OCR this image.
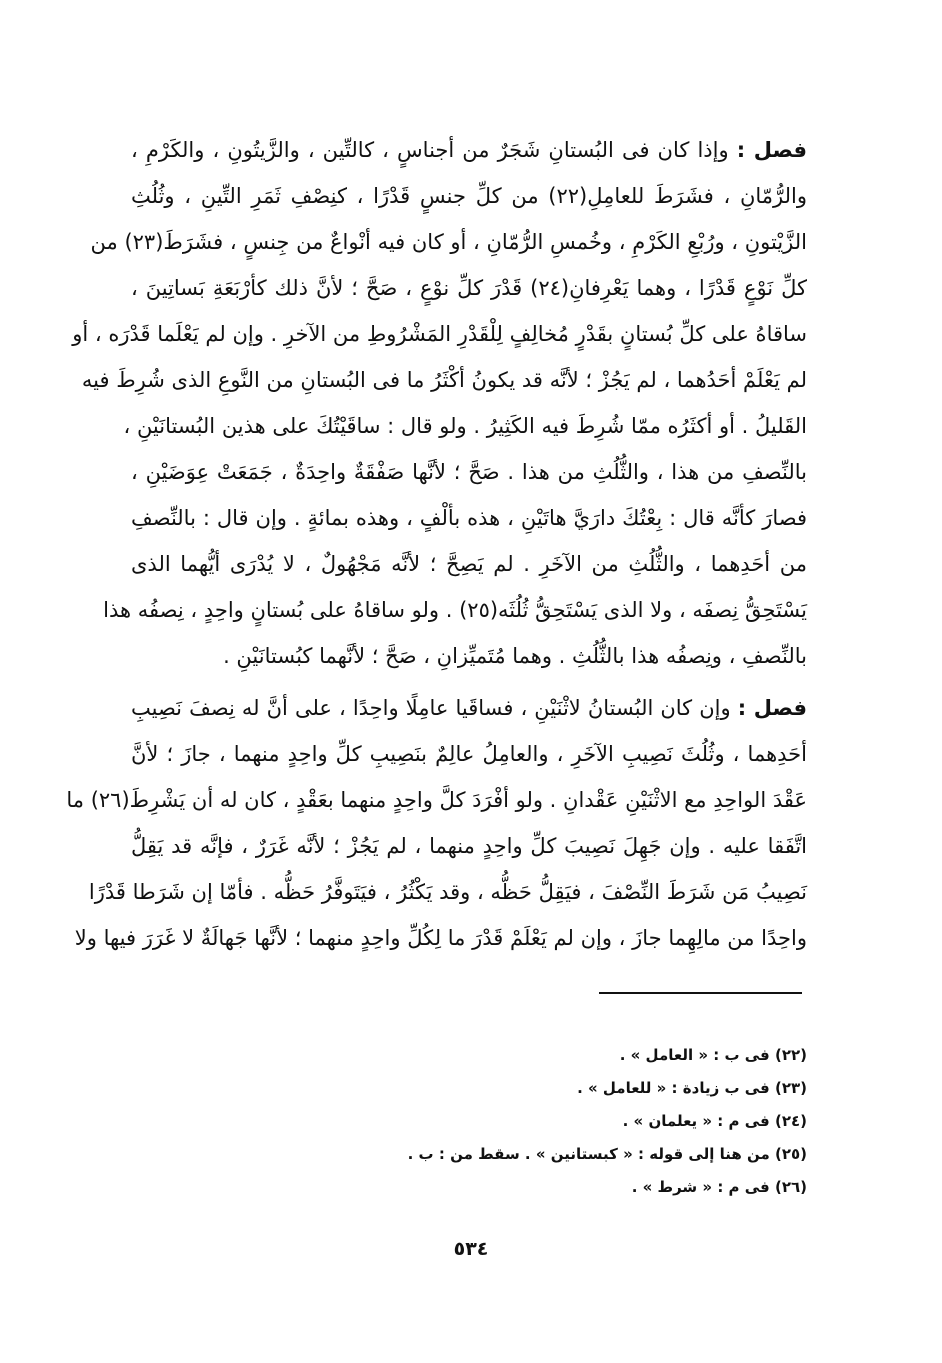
فصل : وإذا كان فى البُستانِ شَجَرٌ من أجناسٍ ، كالتِّين ، والزَّيتُونِ ، والكَرْمِ ،
والرُّمّانِ ، فشَرَطَ للعامِلِ(٢٢) من كلِّ جنسٍ قَدْرًا ، كنِصْفِ ثَمَرِ التِّينِ ، وثُلُثِ
الزَّيْتونِ ، ورُبْعِ الكَرْمِ ، وخُمسِ الرُّمّانِ ، أو كان فيه أنْواعٌ من جِنسٍ ، فشَرَطَ(٢٣) من
كلِّ نَوْعٍ قَدْرًا ، وهما يَعْرِفانِ(٢٤) قَدْرَ كلِّ نوْعٍ ، صَحَّ ؛ لأنَّ ذلك كأرْبَعَةِ بَساتِينَ ،
ساقاهُ على كلِّ بُستانٍ بقَدْرٍ مُخالِفٍ لِلْقَدْرِ المَشْرُوطِ من الآخرِ . وإن لم يَعْلَما قَدْرَه ، أو
لم يَعْلَمْ أحَدُهما ، لم يَجُزْ ؛ لأنَّه قد يكونُ أكْثَرُ ما فى البُستانِ من النَّوعِ الذى شُرِطَ فيه
القَليلُ . أو أكثَرُه ممّا شُرِطَ فيه الكَثِيرُ . ولو قال : ساقَيْتُكَ على هذين البُستانَيْنِ ،
بالنِّصفِ من هذا ، والثُّلُثِ من هذا . صَحَّ ؛ لأنَّها صَفْقَةٌ واحِدَةٌ ، جَمَعَتْ عِوَضَيْنِ ،
فصارَ كأنَّه قال : بِعْتُكَ دارَيَّ هاتَيْنِ ، هذه بألْفٍ ، وهذه بمائةٍ . وإن قال : بالنِّصفِ
من أحَدِهما ، والثُّلُثِ من الآخَرِ . لم يَصِحَّ ؛ لأنَّه مَجْهُولٌ ، لا يُدْرَى أيُّهما الذى
يَسْتَحِقُّ نِصفَه ، ولا الذى يَسْتَحِقُّ ثُلُثَه(٢٥) . ولو ساقاهُ على بُستانٍ واحِدٍ ، نِصفُه هذا
بالنِّصفِ ، ونِصفُه هذا بالثُّلُثِ . وهما مُتَميِّزانِ ، صَحَّ ؛ لأنَّهما كبُستانَيْنِ .
فصل : وإن كان البُستانُ لاثْنَيْنِ ، فساقَيا عامِلًا واحِدًا ، على أنَّ له نِصفَ نَصِيبِ
أحَدِهما ، وثُلُثَ نَصِيبِ الآخَرِ ، والعامِلُ عالِمٌ بنَصِيبِ كلِّ واحِدٍ منهما ، جازَ ؛ لأنَّ
عَقْدَ الواحِدِ مع الاثْنَيْنِ عَقْدانِ . ولو أفْرَدَ كلَّ واحِدٍ منهما بعَقْدٍ ، كان له أن يَشْرِطَ(٢٦) ما
اتَّفَقا عليه . وإن جَهِلَ نَصِيبَ كلِّ واحِدٍ منهما ، لم يَجُزْ ؛ لأنَّه غَرَرٌ ، فإنَّه قد يَقِلُّ
نَصِيبُ مَن شَرَطَ النِّصْفَ ، فيَقِلُّ حَظُّه ، وقد يَكْثُرُ ، فيَتَوفَّرُ حَظُّه . فأمّا إن شَرَطا قَدْرًا
واحِدًا من مالِهِما جازَ ، وإن لم يَعْلَمْ قَدْرَ ما لِكُلِّ واحِدٍ منهما ؛ لأنَّها جَهالَةٌ لا غَرَرَ فيها ولا
(٢٢) فى ب : « العامل » .
(٢٣) فى ب زيادة : « للعامل » .
(٢٤) فى م : « يعلمان » .
(٢٥) من هنا إلى قوله : « كبستانين » . سقط من : ب .
(٢٦) فى م : « شرط » .
٥٣٤
